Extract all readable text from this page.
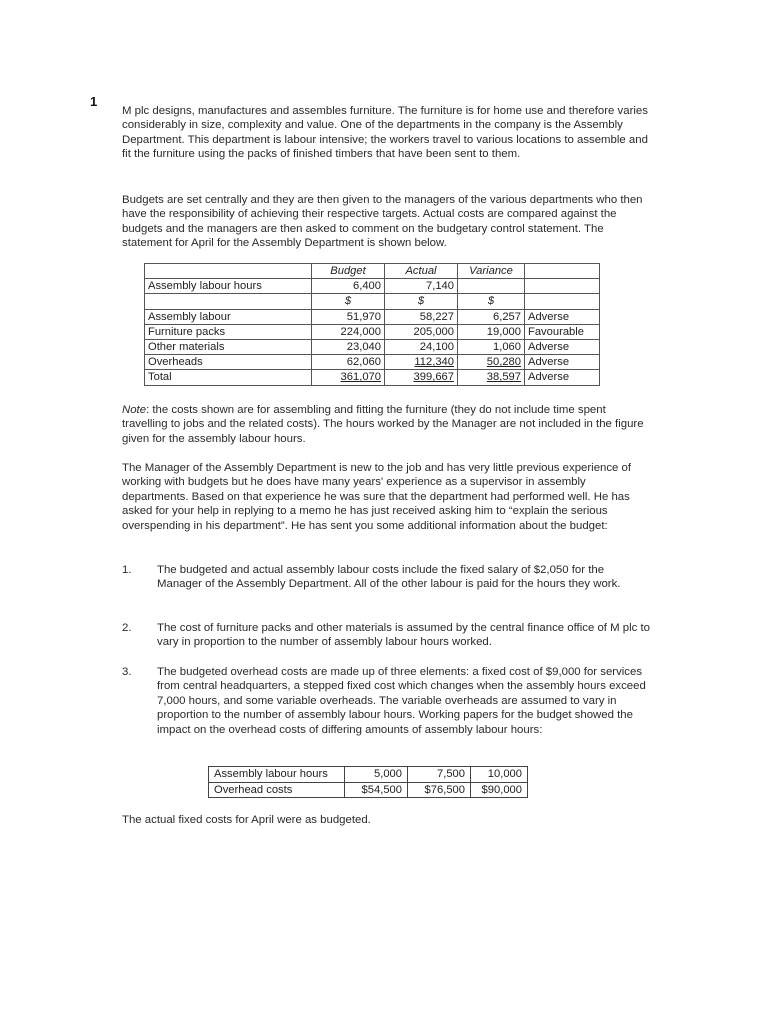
1
M plc designs, manufactures and assembles furniture. The furniture is for home use and therefore varies considerably in size, complexity and value. One of the departments in the company is the Assembly Department. This department is labour intensive; the workers travel to various locations to assemble and fit the furniture using the packs of finished timbers that have been sent to them.
Budgets are set centrally and they are then given to the managers of the various departments who then have the responsibility of achieving their respective targets. Actual costs are compared against the budgets and the managers are then asked to comment on the budgetary control statement. The statement for April for the Assembly Department is shown below.
	Budget	Actual	Variance	
Assembly labour hours	6,400	7,140		
	$	$	$	
Assembly labour	51,970	58,227	6,257	Adverse
Furniture packs	224,000	205,000	19,000	Favourable
Other materials	23,040	24,100	1,060	Adverse
Overheads	62,060	112,340	50,280	Adverse
Total	361,070	399,667	38,597	Adverse
Note: the costs shown are for assembling and fitting the furniture (they do not include time spent travelling to jobs and the related costs). The hours worked by the Manager are not included in the figure given for the assembly labour hours.
The Manager of the Assembly Department is new to the job and has very little previous experience of working with budgets but he does have many years' experience as a supervisor in assembly departments. Based on that experience he was sure that the department had performed well. He has asked for your help in replying to a memo he has just received asking him to “explain the serious overspending in his department”. He has sent you some additional information about the budget:
1. The budgeted and actual assembly labour costs include the fixed salary of $2,050 for the Manager of the Assembly Department. All of the other labour is paid for the hours they work.
2. The cost of furniture packs and other materials is assumed by the central finance office of M plc to vary in proportion to the number of assembly labour hours worked.
3. The budgeted overhead costs are made up of three elements: a fixed cost of $9,000 for services from central headquarters, a stepped fixed cost which changes when the assembly hours exceed 7,000 hours, and some variable overheads. The variable overheads are assumed to vary in proportion to the number of assembly labour hours. Working papers for the budget showed the impact on the overhead costs of differing amounts of assembly labour hours:
Assembly labour hours	5,000	7,500	10,000
Overhead costs	$54,500	$76,500	$90,000
The actual fixed costs for April were as budgeted.
